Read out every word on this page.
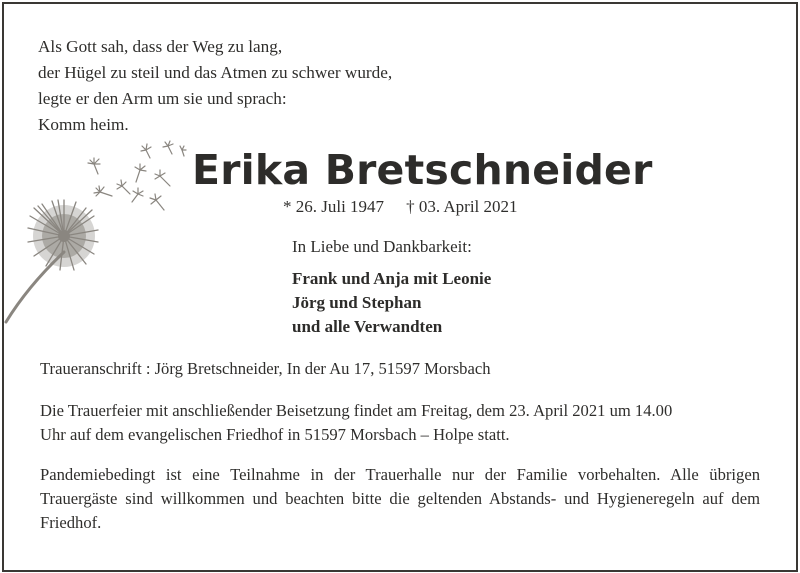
Als Gott sah, dass der Weg zu lang,
der Hügel zu steil und das Atmen zu schwer wurde,
legte er den Arm um sie und sprach:
Komm heim.
Erika Bretschneider
* 26. Juli 1947 † 03. April 2021
In Liebe und Dankbarkeit:
Frank und Anja mit Leonie
Jörg und Stephan
und alle Verwandten
Traueranschrift : Jörg Bretschneider, In der Au 17, 51597 Morsbach
Die Trauerfeier mit anschließender Beisetzung findet am Freitag, dem 23. April 2021 um 14.00
Uhr auf dem evangelischen Friedhof in 51597 Morsbach – Holpe statt.
Pandemiebedingt ist eine Teilnahme in der Trauerhalle nur der Familie vorbehalten. Alle übrigen Trauergäste sind willkommen und beachten bitte die geltenden Abstands- und Hygieneregeln auf dem Friedhof.
